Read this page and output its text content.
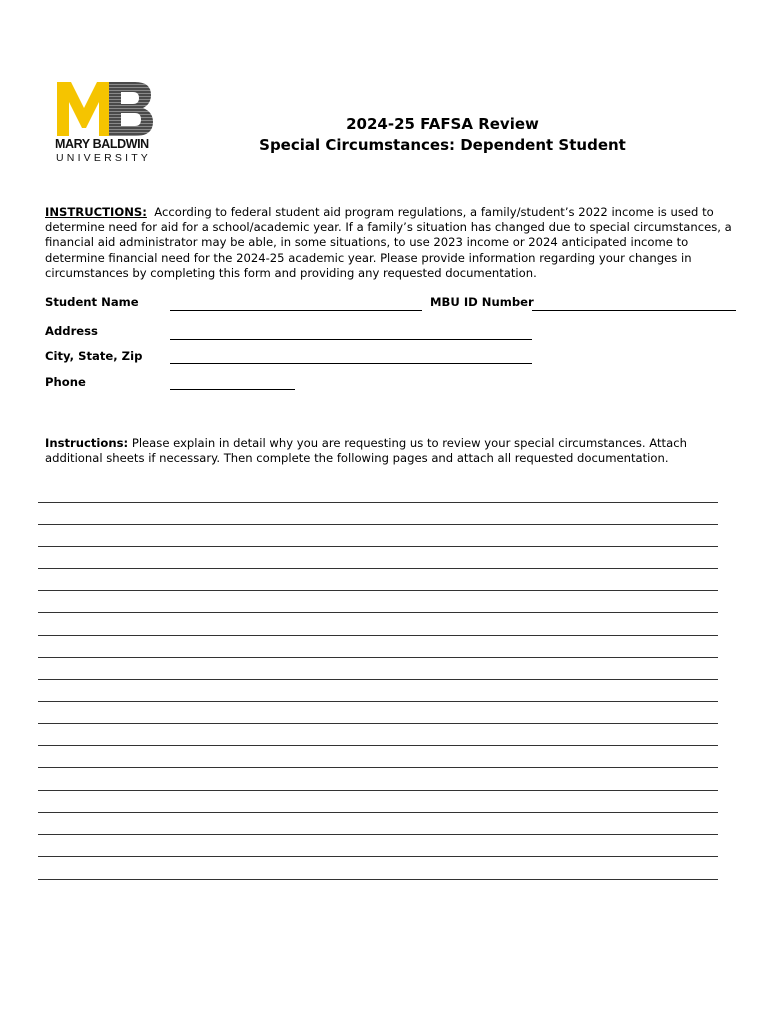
MARY BALDWIN
UNIVERSITY
2024-25 FAFSA Review
Special Circumstances: Dependent Student
INSTRUCTIONS: According to federal student aid program regulations, a family/student’s 2022 income is used to determine need for aid for a school/academic year. If a family’s situation has changed due to special circumstances, a financial aid administrator may be able, in some situations, to use 2023 income or 2024 anticipated income to determine financial need for the 2024-25 academic year. Please provide information regarding your changes in circumstances by completing this form and providing any requested documentation.
Student Name	MBU ID Number
Address
City, State, Zip
Phone
Instructions: Please explain in detail why you are requesting us to review your special circumstances. Attach additional sheets if necessary. Then complete the following pages and attach all requested documentation.
